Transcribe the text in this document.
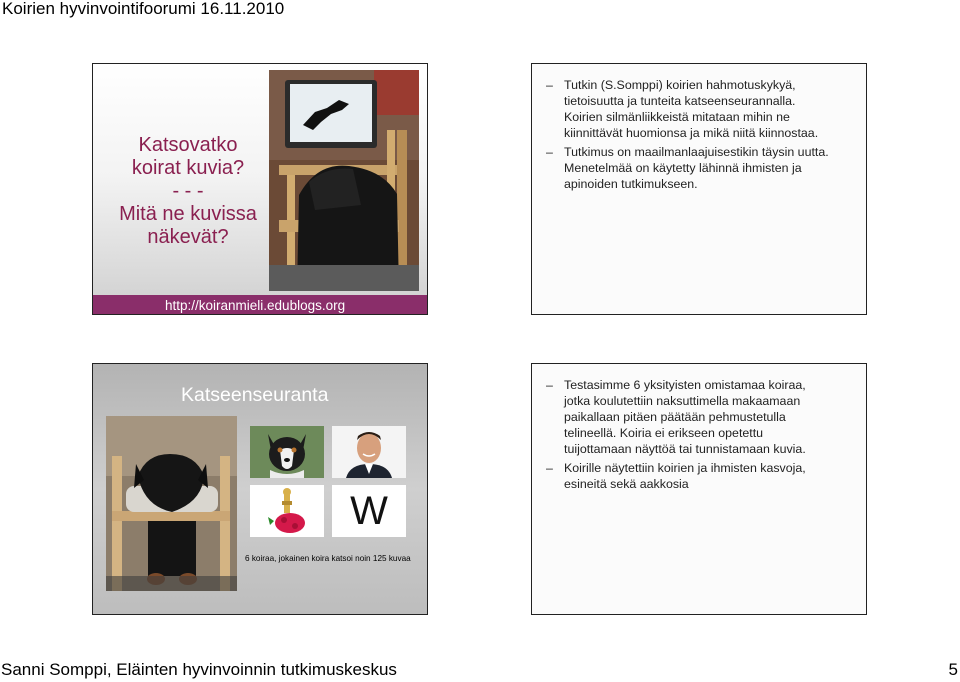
Koirien hyvinvointifoorumi 16.11.2010
Katsovatko
koirat kuvia?
- - -
Mitä ne kuvissa
näkevät?
http://koiranmieli.edublogs.org
– Tutkin (S.Somppi) koirien hahmotuskykyä,
tietoisuutta ja tunteita katseenseurannalla.
Koirien silmänliikkeistä mitataan mihin ne
kiinnittävät huomionsa ja mikä niitä kiinnostaa.
– Tutkimus on maailmanlaajuisestikin täysin uutta.
Menetelmää on käytetty lähinnä ihmisten ja
apinoiden tutkimukseen.
Katseenseuranta
W
6 koiraa, jokainen koira katsoi noin 125 kuvaa
– Testasimme 6 yksityisten omistamaa koiraa,
jotka koulutettiin naksuttimella makaamaan
paikallaan pitäen päätään pehmustetulla
telineellä. Koiria ei erikseen opetettu
tuijottamaan näyttöä tai tunnistamaan kuvia.
– Koirille näytettiin koirien ja ihmisten kasvoja,
esineitä sekä aakkosia
Sanni Somppi, Eläinten hyvinvoinnin tutkimuskeskus	5
